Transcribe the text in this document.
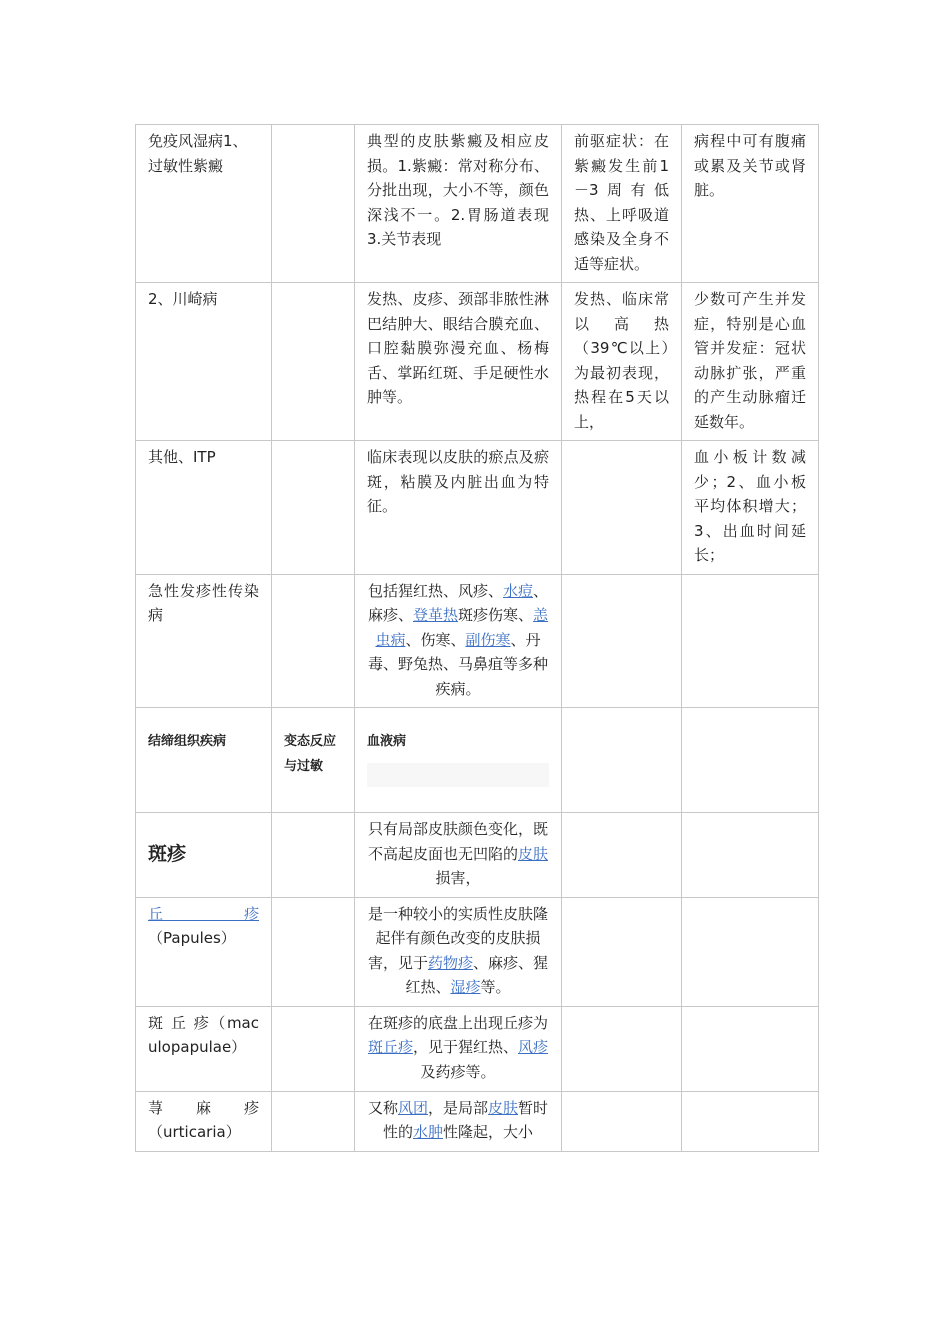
免疫风湿病1、过敏性紫癜		典型的皮肤紫癜及相应皮损。1.紫癜：常对称分布、分批出现，大小不等，颜色深浅不一。2.胃肠道表现 3.关节表现	前驱症状：在紫癜发生前1－3周有低热、上呼吸道感染及全身不适等症状。	病程中可有腹痛或累及关节或肾脏。
2、川崎病		发热、皮疹、颈部非脓性淋巴结肿大、眼结合膜充血、口腔黏膜弥漫充血、杨梅舌、掌跖红斑、手足硬性水肿等。	发热、临床常以 高 热（39℃以上）为最初表现，热程在5天以上，	少数可产生并发症，特别是心血管并发症：冠状动脉扩张，严重的产生动脉瘤迁延数年。
其他、ITP		临床表现以皮肤的瘀点及瘀斑，粘膜及内脏出血为特征。		血小板计数减少；2、血小板平均体积增大；3、出血时间延长；
急性发疹性传染病		包括猩红热、风疹、水痘、麻疹、登革热斑疹伤寒、恙虫病、伤寒、副伤寒、丹毒、野兔热、马鼻疽等多种疾病。		
结缔组织疾病	变态反应与过敏	血液病

斑疹		只有局部皮肤颜色变化，既不高起皮面也无凹陷的皮肤损害，		

丘 疹
（Papules）		是一种较小的实质性皮肤隆起伴有颜色改变的皮肤损害，见于药物疹、麻疹、猩红热、湿疹等。		
斑 丘 疹（maculopapulae）		在斑疹的底盘上出现丘疹为斑丘疹，见于猩红热、风疹及药疹等。		
荨 麻 疹（urticaria）		又称风团，是局部皮肤暂时性的水肿性隆起，大小		
